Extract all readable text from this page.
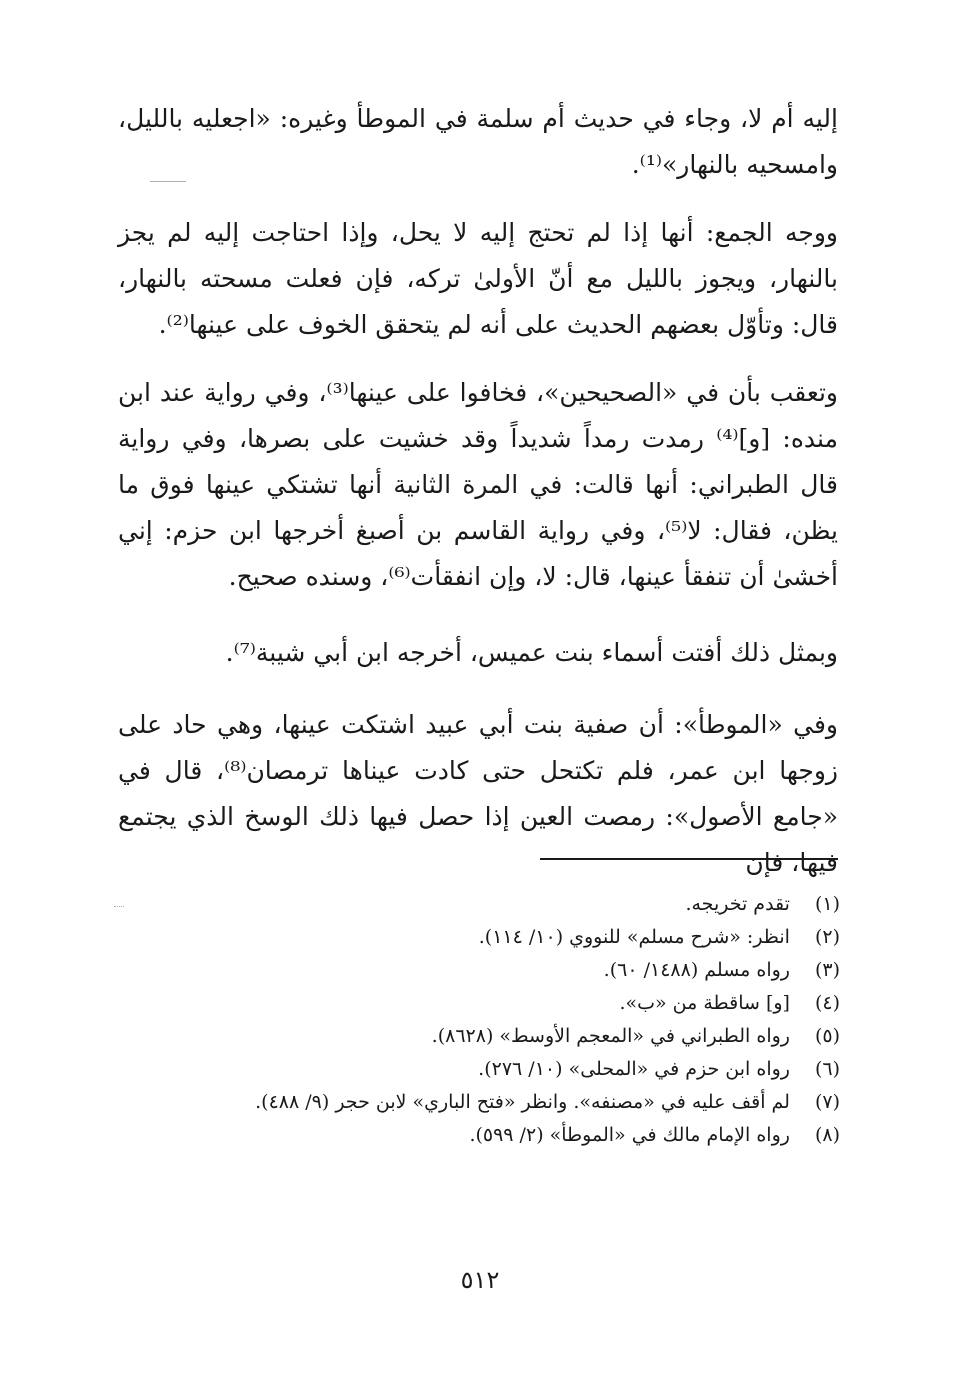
إليه أم لا، وجاء في حديث أم سلمة في الموطأ وغيره: «اجعليه بالليل، وامسحيه بالنهار»⁽¹⁾.

ووجه الجمع: أنها إذا لم تحتج إليه لا يحل، وإذا احتاجت إليه لم يجز بالنهار، ويجوز بالليل مع أنّ الأولىٰ تركه، فإن فعلت مسحته بالنهار، قال: وتأوّل بعضهم الحديث على أنه لم يتحقق الخوف على عينها⁽²⁾.

وتعقب بأن في «الصحيحين»، فخافوا على عينها⁽³⁾، وفي رواية عند ابن منده: [و]⁽⁴⁾ رمدت رمداً شديداً وقد خشيت على بصرها، وفي رواية قال الطبراني: أنها قالت: في المرة الثانية أنها تشتكي عينها فوق ما يظن، فقال: لا⁽⁵⁾، وفي رواية القاسم بن أصبغ أخرجها ابن حزم: إني أخشىٰ أن تنفقأ عينها، قال: لا، وإن انفقأت⁽⁶⁾، وسنده صحيح.

وبمثل ذلك أفتت أسماء بنت عميس، أخرجه ابن أبي شيبة⁽⁷⁾.

وفي «الموطأ»: أن صفية بنت أبي عبيد اشتكت عينها، وهي حاد على زوجها ابن عمر، فلم تكتحل حتى كادت عيناها ترمصان⁽⁸⁾، قال في «جامع الأصول»: رمصت العين إذا حصل فيها ذلك الوسخ الذي يجتمع فيها، فإن

(١) تقدم تخريجه.
(٢) انظر: «شرح مسلم» للنووي (١٠/ ١١٤).
(٣) رواه مسلم (١٤٨٨/ ٦٠).
(٤) [و] ساقطة من «ب».
(٥) رواه الطبراني في «المعجم الأوسط» (٨٦٢٨).
(٦) رواه ابن حزم في «المحلى» (١٠/ ٢٧٦).
(٧) لم أقف عليه في «مصنفه». وانظر «فتح الباري» لابن حجر (٩/ ٤٨٨).
(٨) رواه الإمام مالك في «الموطأ» (٢/ ٥٩٩).
٥١٢
